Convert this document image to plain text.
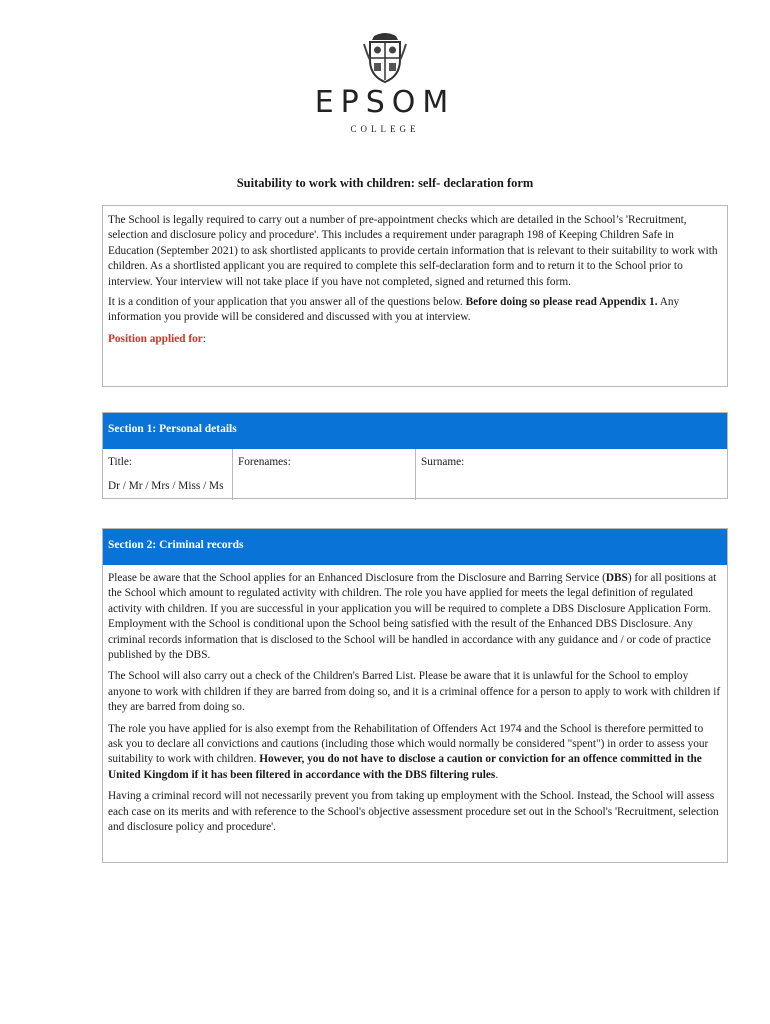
EPSOM
COLLEGE
Suitability to work with children: self- declaration form

The School is legally required to carry out a number of pre-appointment checks which are detailed in the School’s 'Recruitment, selection and disclosure policy and procedure'. This includes a requirement under paragraph 198 of Keeping Children Safe in Education (September 2021) to ask shortlisted applicants to provide certain information that is relevant to their suitability to work with children. As a shortlisted applicant you are required to complete this self-declaration form and to return it to the School prior to interview. Your interview will not take place if you have not completed, signed and returned this form.

It is a condition of your application that you answer all of the questions below. Before doing so please read Appendix 1. Any information you provide will be considered and discussed with you at interview.

Position applied for:

Section 1: Personal details
Title:
Dr / Mr / Mrs / Miss / Ms
Forenames:	Surname:
Section 2: Criminal records

Please be aware that the School applies for an Enhanced Disclosure from the Disclosure and Barring Service (DBS) for all positions at the School which amount to regulated activity with children. The role you have applied for meets the legal definition of regulated activity with children. If you are successful in your application you will be required to complete a DBS Disclosure Application Form. Employment with the School is conditional upon the School being satisfied with the result of the Enhanced DBS Disclosure. Any criminal records information that is disclosed to the School will be handled in accordance with any guidance and / or code of practice published by the DBS.

The School will also carry out a check of the Children's Barred List. Please be aware that it is unlawful for the School to employ anyone to work with children if they are barred from doing so, and it is a criminal offence for a person to apply to work with children if they are barred from doing so.

The role you have applied for is also exempt from the Rehabilitation of Offenders Act 1974 and the School is therefore permitted to ask you to declare all convictions and cautions (including those which would normally be considered "spent") in order to assess your suitability to work with children. However, you do not have to disclose a caution or conviction for an offence committed in the United Kingdom if it has been filtered in accordance with the DBS filtering rules.

Having a criminal record will not necessarily prevent you from taking up employment with the School. Instead, the School will assess each case on its merits and with reference to the School's objective assessment procedure set out in the School's 'Recruitment, selection and disclosure policy and procedure'.
